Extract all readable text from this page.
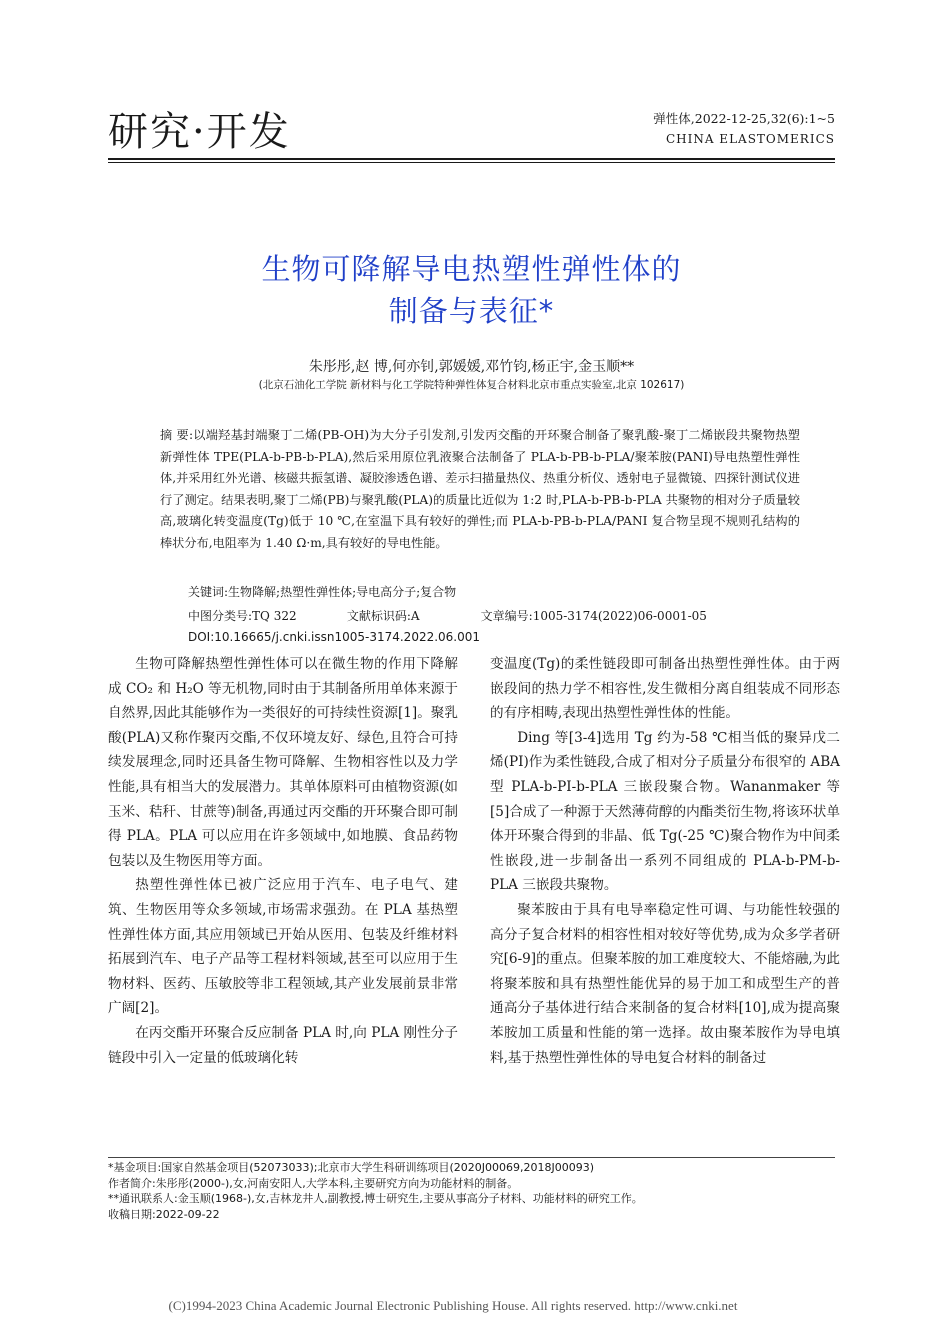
研究·开发	弹性体,2022-12-25,32(6):1~5
CHINA ELASTOMERICS
生物可降解导电热塑性弹性体的
制备与表征*
朱彤彤,赵 博,何亦钊,郭媛媛,邓竹钧,杨正宇,金玉顺**
(北京石油化工学院 新材料与化工学院特种弹性体复合材料北京市重点实验室,北京 102617)
摘 要:以端羟基封端聚丁二烯(PB-OH)为大分子引发剂,引发丙交酯的开环聚合制备了聚乳酸-聚丁二烯嵌段共聚物热塑新弹性体 TPE(PLA-b-PB-b-PLA),然后采用原位乳液聚合法制备了 PLA-b-PB-b-PLA/聚苯胺(PANI)导电热塑性弹性体,并采用红外光谱、核磁共振氢谱、凝胶渗透色谱、差示扫描量热仪、热重分析仪、透射电子显微镜、四探针测试仪进行了测定。结果表明,聚丁二烯(PB)与聚乳酸(PLA)的质量比近似为 1:2 时,PLA-b-PB-b-PLA 共聚物的相对分子质量较高,玻璃化转变温度(Tg)低于 10 ℃,在室温下具有较好的弹性;而 PLA-b-PB-b-PLA/PANI 复合物呈现不规则孔结构的棒状分布,电阻率为 1.40 Ω·m,具有较好的导电性能。
关键词:生物降解;热塑性弹性体;导电高分子;复合物
中图分类号:TQ 322	文献标识码:A	文章编号:1005-3174(2022)06-0001-05
DOI:10.16665/j.cnki.issn1005-3174.2022.06.001

生物可降解热塑性弹性体可以在微生物的作用下降解成 CO₂ 和 H₂O 等无机物,同时由于其制备所用单体来源于自然界,因此其能够作为一类很好的可持续性资源[1]。聚乳酸(PLA)又称作聚丙交酯,不仅环境友好、绿色,且符合可持续发展理念,同时还具备生物可降解、生物相容性以及力学性能,具有相当大的发展潜力。其单体原料可由植物资源(如玉米、秸秆、甘蔗等)制备,再通过丙交酯的开环聚合即可制得 PLA。PLA 可以应用在许多领域中,如地膜、食品药物包装以及生物医用等方面。

热塑性弹性体已被广泛应用于汽车、电子电气、建筑、生物医用等众多领域,市场需求强劲。在 PLA 基热塑性弹性体方面,其应用领域已开始从医用、包装及纤维材料拓展到汽车、电子产品等工程材料领域,甚至可以应用于生物材料、医药、压敏胶等非工程领域,其产业发展前景非常广阔[2]。

在丙交酯开环聚合反应制备 PLA 时,向 PLA 刚性分子链段中引入一定量的低玻璃化转

变温度(Tg)的柔性链段即可制备出热塑性弹性体。由于两嵌段间的热力学不相容性,发生微相分离自组装成不同形态的有序相畴,表现出热塑性弹性体的性能。

Ding 等[3-4]选用 Tg 约为-58 ℃相当低的聚异戊二烯(PI)作为柔性链段,合成了相对分子质量分布很窄的 ABA 型 PLA-b-PI-b-PLA 三嵌段聚合物。Wananmaker 等[5]合成了一种源于天然薄荷醇的内酯类衍生物,将该环状单体开环聚合得到的非晶、低 Tg(-25 ℃)聚合物作为中间柔性嵌段,进一步制备出一系列不同组成的 PLA-b-PM-b-PLA 三嵌段共聚物。

聚苯胺由于具有电导率稳定性可调、与功能性较强的高分子复合材料的相容性相对较好等优势,成为众多学者研究[6-9]的重点。但聚苯胺的加工难度较大、不能熔融,为此将聚苯胺和具有热塑性能优异的易于加工和成型生产的普通高分子基体进行结合来制备的复合材料[10],成为提高聚苯胺加工质量和性能的第一选择。故由聚苯胺作为导电填料,基于热塑性弹性体的导电复合材料的制备过

*基金项目:国家自然基金项目(52073033);北京市大学生科研训练项目(2020J00069,2018J00093)
作者简介:朱彤彤(2000-),女,河南安阳人,大学本科,主要研究方向为功能材料的制备。
**通讯联系人:金玉顺(1968-),女,吉林龙井人,副教授,博士研究生,主要从事高分子材料、功能材料的研究工作。
收稿日期:2022-09-22
(C)1994-2023 China Academic Journal Electronic Publishing House. All rights reserved. http://www.cnki.net
